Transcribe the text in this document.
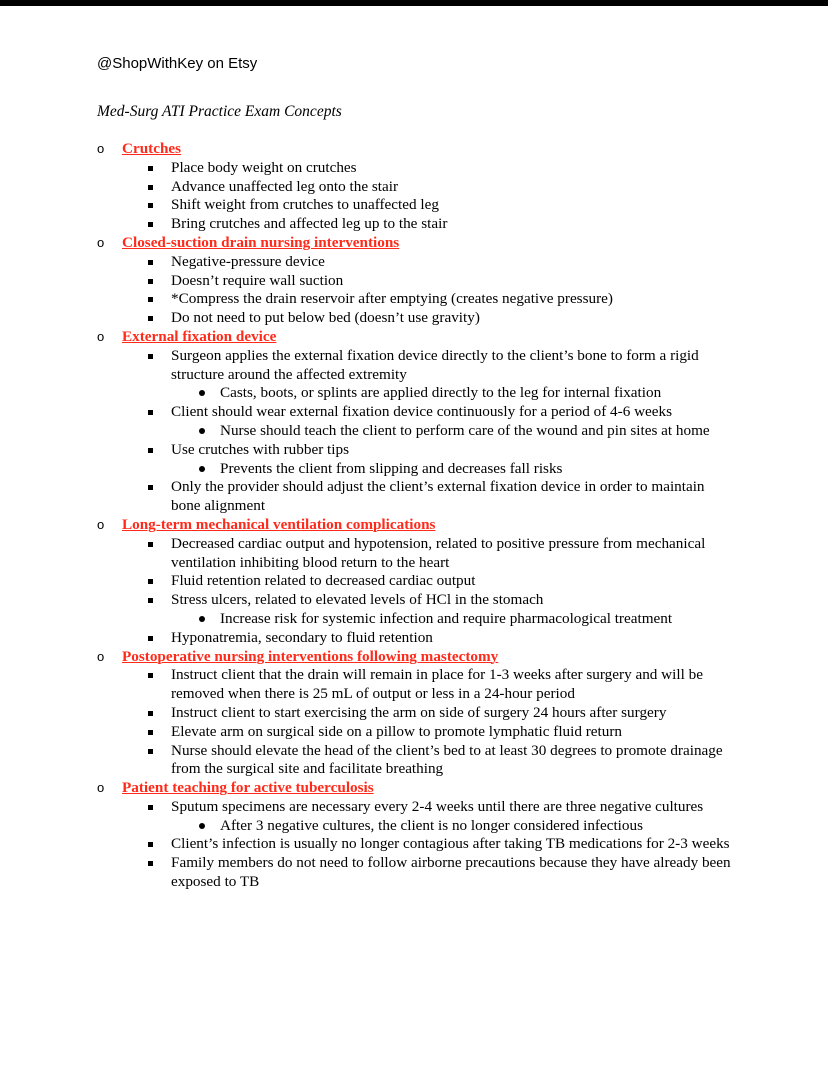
@ShopWithKey on Etsy
Med-Surg ATI Practice Exam Concepts
o Crutches
Place body weight on crutches
Advance unaffected leg onto the stair
Shift weight from crutches to unaffected leg
Bring crutches and affected leg up to the stair
o Closed-suction drain nursing interventions
Negative-pressure device
Doesn’t require wall suction
*Compress the drain reservoir after emptying (creates negative pressure)
Do not need to put below bed (doesn’t use gravity)
o External fixation device
Surgeon applies the external fixation device directly to the client’s bone to form a rigid structure around the affected extremity
Casts, boots, or splints are applied directly to the leg for internal fixation
Client should wear external fixation device continuously for a period of 4-6 weeks
Nurse should teach the client to perform care of the wound and pin sites at home
Use crutches with rubber tips
Prevents the client from slipping and decreases fall risks
Only the provider should adjust the client’s external fixation device in order to maintain bone alignment
o Long-term mechanical ventilation complications
Decreased cardiac output and hypotension, related to positive pressure from mechanical ventilation inhibiting blood return to the heart
Fluid retention related to decreased cardiac output
Stress ulcers, related to elevated levels of HCl in the stomach
Increase risk for systemic infection and require pharmacological treatment
Hyponatremia, secondary to fluid retention
o Postoperative nursing interventions following mastectomy
Instruct client that the drain will remain in place for 1-3 weeks after surgery and will be removed when there is 25 mL of output or less in a 24-hour period
Instruct client to start exercising the arm on side of surgery 24 hours after surgery
Elevate arm on surgical side on a pillow to promote lymphatic fluid return
Nurse should elevate the head of the client’s bed to at least 30 degrees to promote drainage from the surgical site and facilitate breathing
o Patient teaching for active tuberculosis
Sputum specimens are necessary every 2-4 weeks until there are three negative cultures
After 3 negative cultures, the client is no longer considered infectious
Client’s infection is usually no longer contagious after taking TB medications for 2-3 weeks
Family members do not need to follow airborne precautions because they have already been exposed to TB
